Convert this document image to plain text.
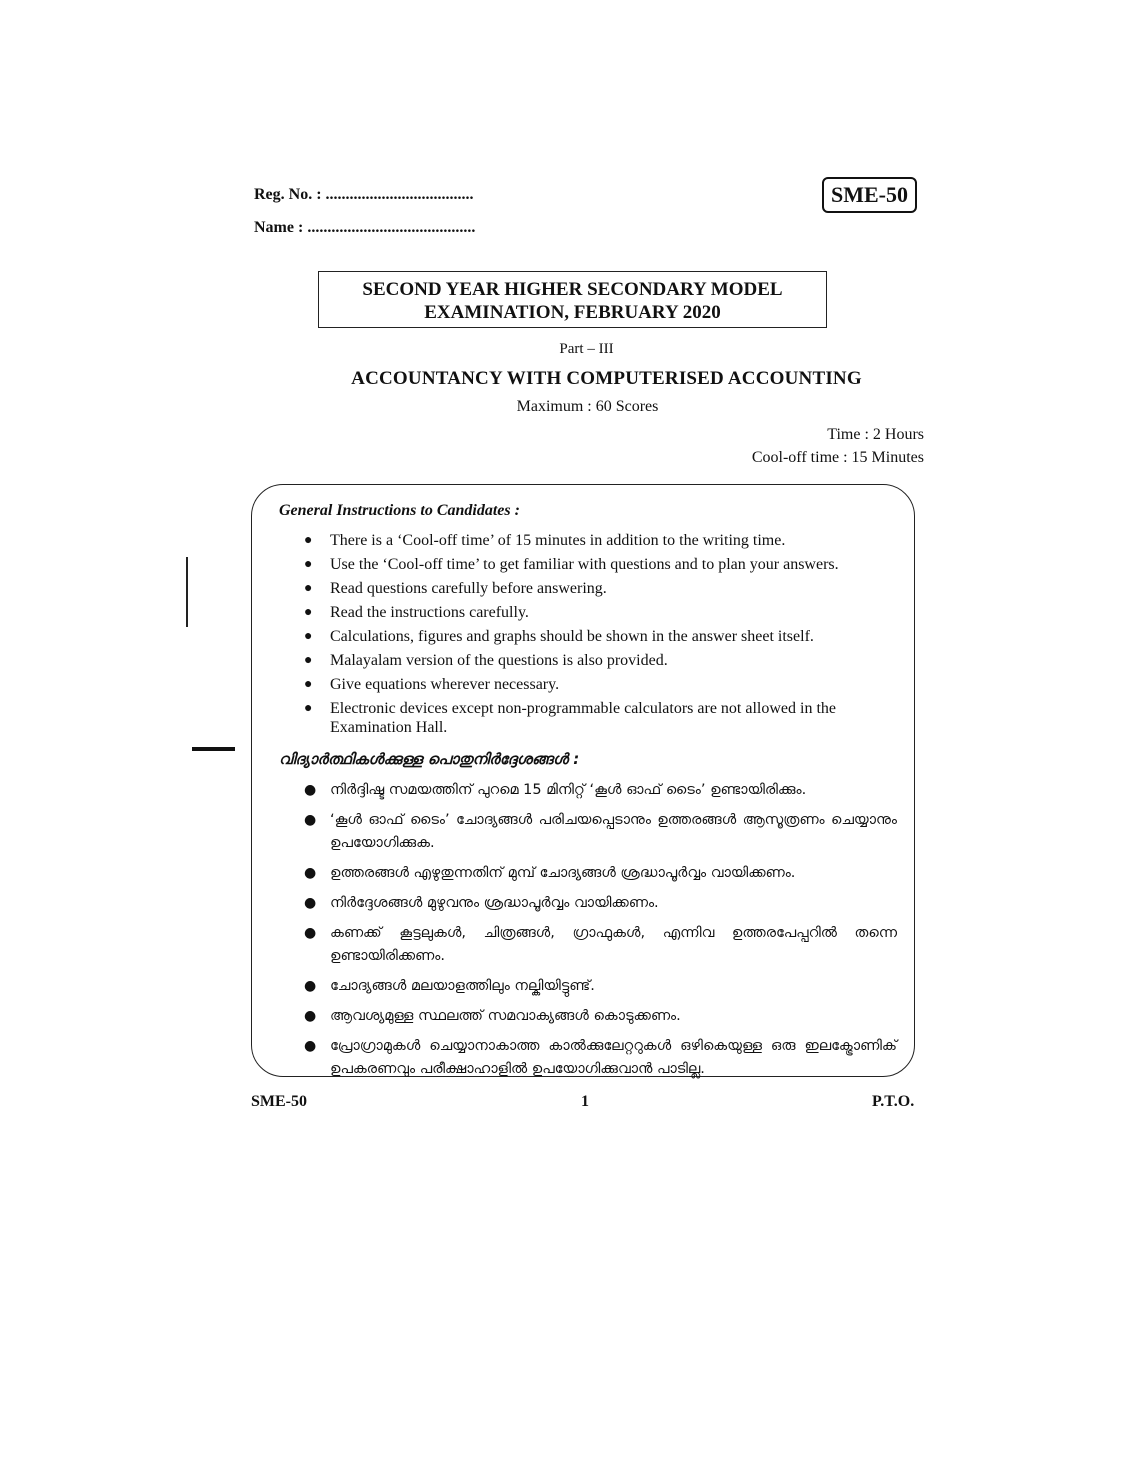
Reg. No. : .....................................
Name : ..........................................
SME-50
SECOND YEAR HIGHER SECONDARY MODEL
EXAMINATION, FEBRUARY 2020
Part – III
ACCOUNTANCY WITH COMPUTERISED ACCOUNTING
Maximum : 60 Scores
Time : 2 Hours
Cool-off time : 15 Minutes
General Instructions to Candidates :
● There is a ‘Cool-off time’ of 15 minutes in addition to the writing time.
● Use the ‘Cool-off time’ to get familiar with questions and to plan your answers.
● Read questions carefully before answering.
● Read the instructions carefully.
● Calculations, figures and graphs should be shown in the answer sheet itself.
● Malayalam version of the questions is also provided.
● Give equations wherever necessary.
● Electronic devices except non-programmable calculators are not allowed in the Examination Hall.
വിദ്യാർത്ഥികൾക്കുള്ള പൊതുനിർദ്ദേശങ്ങൾ :
● നിർദ്ദിഷ്ട സമയത്തിന് പുറമെ 15 മിനിറ്റ് ‘കൂൾ ഓഫ് ടൈം’ ഉണ്ടായിരിക്കും.
● ‘കൂൾ ഓഫ് ടൈം’ ചോദ്യങ്ങൾ പരിചയപ്പെടാനും ഉത്തരങ്ങൾ ആസൂത്രണം ചെയ്യാനും ഉപയോഗിക്കുക.
● ഉത്തരങ്ങൾ എഴുതുന്നതിന് മുമ്പ് ചോദ്യങ്ങൾ ശ്രദ്ധാപൂർവ്വം വായിക്കണം.
● നിർദ്ദേശങ്ങൾ മുഴുവനും ശ്രദ്ധാപൂർവ്വം വായിക്കണം.
● കണക്ക് കൂട്ടലുകൾ, ചിത്രങ്ങൾ, ഗ്രാഫുകൾ, എന്നിവ ഉത്തരപേപ്പറിൽ തന്നെ ഉണ്ടായിരിക്കണം.
● ചോദ്യങ്ങൾ മലയാളത്തിലും നല്കിയിട്ടുണ്ട്.
● ആവശ്യമുള്ള സ്ഥലത്ത് സമവാക്യങ്ങൾ കൊടുക്കണം.
● പ്രോഗ്രാമുകൾ ചെയ്യാനാകാത്ത കാൽക്കുലേറ്ററുകൾ ഒഴികെയുള്ള ഒരു ഇലക്ട്രോണിക് ഉപകരണവും പരീക്ഷാഹാളിൽ ഉപയോഗിക്കുവാൻ പാടില്ല.
SME-50	1	P.T.O.
